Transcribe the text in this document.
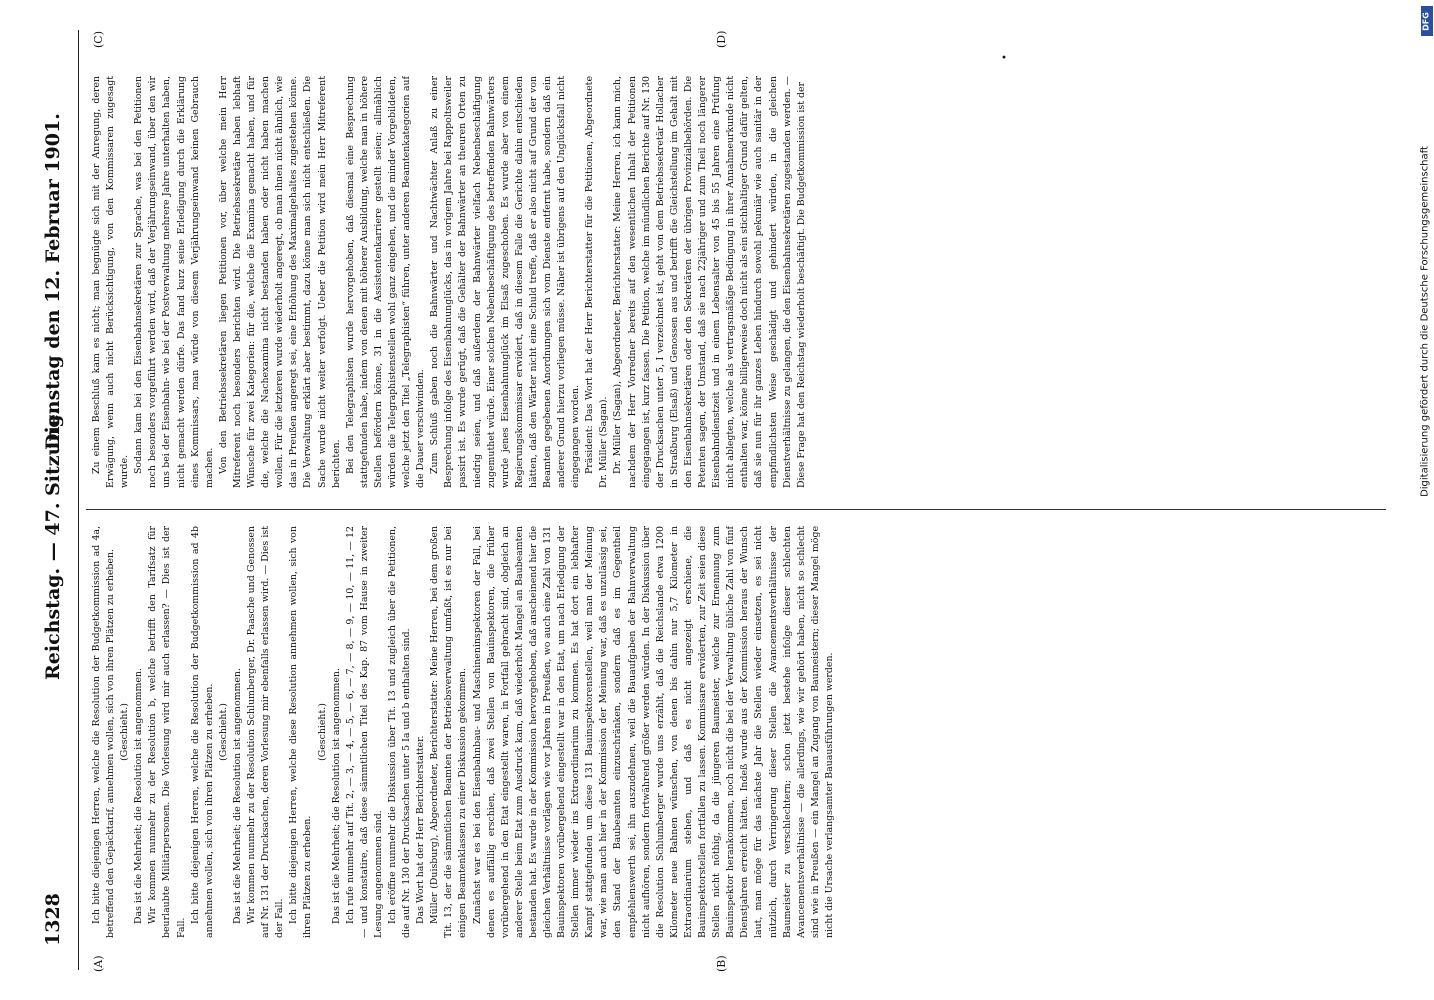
1328
Reichstag. — 47. Sitzung.
Dienstag den 12. Februar 1901.
(A)	(B)
(C)	(D)

Ich bitte diejenigen Herren, welche die Resolution der Budgetkommission ad 4a, betreffend den Gepäcktarif, annehmen wollen, sich von ihren Plätzen zu erheben. (Geschieht.) Das ist die Mehrheit; die Resolution ist angenommen. Wir kommen nunmehr zu der Resolution b, welche betrifft den Tarifsatz für beurlaubte Militärpersonen. Die Vorlesung wird mir auch erlassen? — Dies ist der Fall.

Ich bitte diejenigen Herren, welche die Resolution der Budgetkommission ad 4b annehmen wollen, sich von ihren Plätzen zu erheben. (Geschieht.) Das ist die Mehrheit; die Resolution ist angenommen. Wir kommen nunmehr zu der Resolution Schlumberger, Dr. Paasche und Genossen auf Nr. 131 der Drucksachen, deren Vorlesung mir ebenfalls erlassen wird. — Dies ist der Fall. Ich bitte diejenigen Herren, welche diese Resolution annehmen wollen, sich von ihren Plätzen zu erheben.

(Geschieht.) Das ist die Mehrheit; die Resolution ist angenommen. Ich rufe nunmehr auf Tit. 2, — 3, — 4, — 5, — 6, — 7, — 8, — 9, — 10, — 11, — 12 — und konstatire, daß diese sämmtlichen Titel des Kap. 87 vom Hause in zweiter Lesung angenommen sind. Ich eröffne nunmehr die Diskussion über Tit. 13 und zugleich über die Petitionen, die auf Nr. 130 der Drucksachen unter 5 Ia und b enthalten sind. Das Wort hat der Herr Berichterstatter. Müller (Duisburg), Abgeordneter, Berichterstatter: Meine Herren, bei dem großen Tit. 13, der die sämmtlichen Beamten der Betriebsverwaltung umfaßt, ist es nur bei einigen Beamtenklassen zu einer Diskussion gekommen. Zunächst war es bei den Eisenbahnbau- und Maschineninspektoren der Fall, bei denen es auffällig erschien, daß zwei Stellen von Bauinspektoren, die früher vorübergehend in den Etat eingestellt waren, in Fortfall gebracht sind, obgleich an anderer Stelle beim Etat zum Ausdruck kam, daß wiederholt Mangel an Baubeamten bestanden hat. Es wurde in der Kommission hervorgehoben, daß anscheinend hier die gleichen Verhältnisse vorlägen wie vor Jahren in Preußen, wo auch eine Zahl von 131 Bauinspektoren vorübergehend eingestellt war in den Etat, um nach Erledigung der Stellen immer wieder ins Extraordinarium zu kommen. Es hat dort ein lebhafter Kampf stattgefunden um diese 131 Bauinspektorenstellen, weil man der Meinung war, wie man auch hier in der Kommission der Meinung war, daß es unzulässig sei, den Stand der Baubeamten einzuschränken, sondern daß es im Gegentheil empfehlenswerth sei, ihn auszudehnen, weil die Bauaufgaben der Bahnverwaltung nicht aufhören, sondern fortwährend größer werden würden. In der Diskussion über die Resolution Schlumberger wurde uns erzählt, daß die Reichslande etwa 1200 Kilometer neue Bahnen wünschen, von denen bis dahin nur 5,7 Kilometer in Extraordinarium stehen, und daß es nicht angezeigt erschiene, die Bauinspektorstellen fortfallen zu lassen. Kommissare erwiderten, zur Zeit seien diese Stellen nicht nöthig, da die jüngeren Baumeister, welche zur Ernennung zum Bauinspektor herankommen, noch nicht die bei der Verwaltung übliche Zahl von fünf Dienstjahren erreicht hätten. Indeß wurde aus der Kommission heraus der Wunsch laut, man möge für das nächste Jahr die Stellen wieder einsetzen, es sei nicht nützlich, durch Verringerung dieser Stellen die Avancementsverhältnisse der Baumeister zu verschlechtern; schon jetzt bestehe infolge dieser schlechten Avancementsverhältnisse — die allerdings, wie wir gehört haben, nicht so schlecht sind wie in Preußen — ein Mangel an Zugang von Baumeistern; dieser Mangel möge nicht die Ursache verlangsamter Bauausführungen werden.

Zu einem Beschluß kam es nicht; man begnügte sich mit der Anregung, deren Erwägung, wenn auch nicht Berücksichtigung, von den Kommissaren zugesagt wurde. Sodann kam bei den Eisenbahnsekretären zur Sprache, was bei den Petitionen noch besonders vorgeführt werden wird, daß der Verjährungseinwand, über den wir uns bei der Eisenbahn- wie bei der Postverwaltung mehrere Jahre unterhalten haben, nicht gemacht werden dürfe. Das fand kurz seine Erledigung durch die Erklärung eines Kommissars, man würde von diesem Verjährungseinwand keinen Gebrauch machen. Von den Betriebssekretären liegen Petitionen vor, über welche mein Herr Mitreferent noch besonders berichten wird. Die Betriebssekretäre haben lebhaft Wünsche für zwei Kategorien: für die, welche die Examina gemacht haben, und für die, welche die Nachexamina nicht bestanden haben oder nicht haben machen wollen. Für die letzteren wurde wiederholt angeregt, ob man ihnen nicht ähnlich, wie das in Preußen angeregt sei, eine Erhöhung des Maximalgehaltes zugestehen könne. Die Verwaltung erklärt aber bestimmt, dazu könne man sich nicht entschließen. Die Sache wurde nicht weiter verfolgt. Ueber die Petition wird mein Herr Mitreferent berichten. Bei den Telegraphisten wurde hervorgehoben, daß diesmal eine Besprechung stattgefunden habe, indem von denen mit höherer Ausbildung, welche man in höhere Stellen befördern könne, 31 in die Assistentenkarriere gestellt seien; allmählich würden die Telegraphistenstellen wohl ganz eingehen, und die minder Vorgebildeten, welche jetzt den Titel „Telegraphisten“ führen, unter anderen Beamtenkategorien auf die Dauer verschwinden. Zum Schluß gaben noch die Bahnwärter und Nachtwächter Anlaß zu einer Besprechung infolge des Eisenbahnunglücks, das in vorigem Jahre bei Rappoltsweiler passirt ist. Es wurde gerügt, daß die Gehälter der Bahnwärter an theuren Orten zu niedrig seien, und daß außerdem der Bahnwärter vielfach Nebenbeschäftigung zugemuthet würde. Einer solchen Nebenbeschäftigung des betreffenden Bahnwärters wurde jenes Eisenbahnunglück im Elsaß zugeschoben. Es wurde aber von einem Regierungskommissar erwidert, daß in diesem Falle die Gerichte dahin entschieden hätten, daß den Wärter nicht eine Schuld treffe, daß er also nicht auf Grund der von Beamten gegebenen Anordnungen sich vom Dienste entfernt habe, sondern daß ein anderer Grund hierzu vorliegen müsse. Näher ist übrigens auf den Unglücksfall nicht eingegangen worden. Präsident: Das Wort hat der Herr Berichterstatter für die Petitionen, Abgeordnete Dr. Müller (Sagan). Dr. Müller (Sagan), Abgeordneter, Berichterstatter: Meine Herren, ich kann mich, nachdem der Herr Vorredner bereits auf den wesentlichen Inhalt der Petitionen eingegangen ist, kurz fassen. Die Petition, welche im mündlichen Berichte auf Nr. 130 der Drucksachen unter 5, I verzeichnet ist, geht von dem Betriebssekretär Hollacher in Straßburg (Elsaß) und Genossen aus und betrifft die Gleichstellung im Gehalt mit den Eisenbahnsekretären oder den Sekretären der übrigen Provinzialbehörden. Die Petenten sagen, der Umstand, daß sie nach 22jähriger und zum Theil noch längerer Eisenbahndienstzeit und in einem Lebensalter von 45 bis 55 Jahren eine Prüfung nicht ablegten, welche als vertragsmäßige Bedingung in ihrer Annahmeurkunde nicht enthalten war, könne billigerweise doch nicht als ein stichhaltiger Grund dafür gelten, daß sie nun für ihr ganzes Leben hindurch sowohl pekuniär wie auch sanitär in der empfindlichsten Weise geschädigt und gehindert würden, in die gleichen Dienstverhältnisse zu gelangen, die den Eisenbahnsekretären zugestanden werden. — Diese Frage hat den Reichstag wiederholt beschäftigt. Die Budgetkommission ist der

•
DFG
Digitalisierung gefördert durch die Deutsche Forschungsgemeinschaft
